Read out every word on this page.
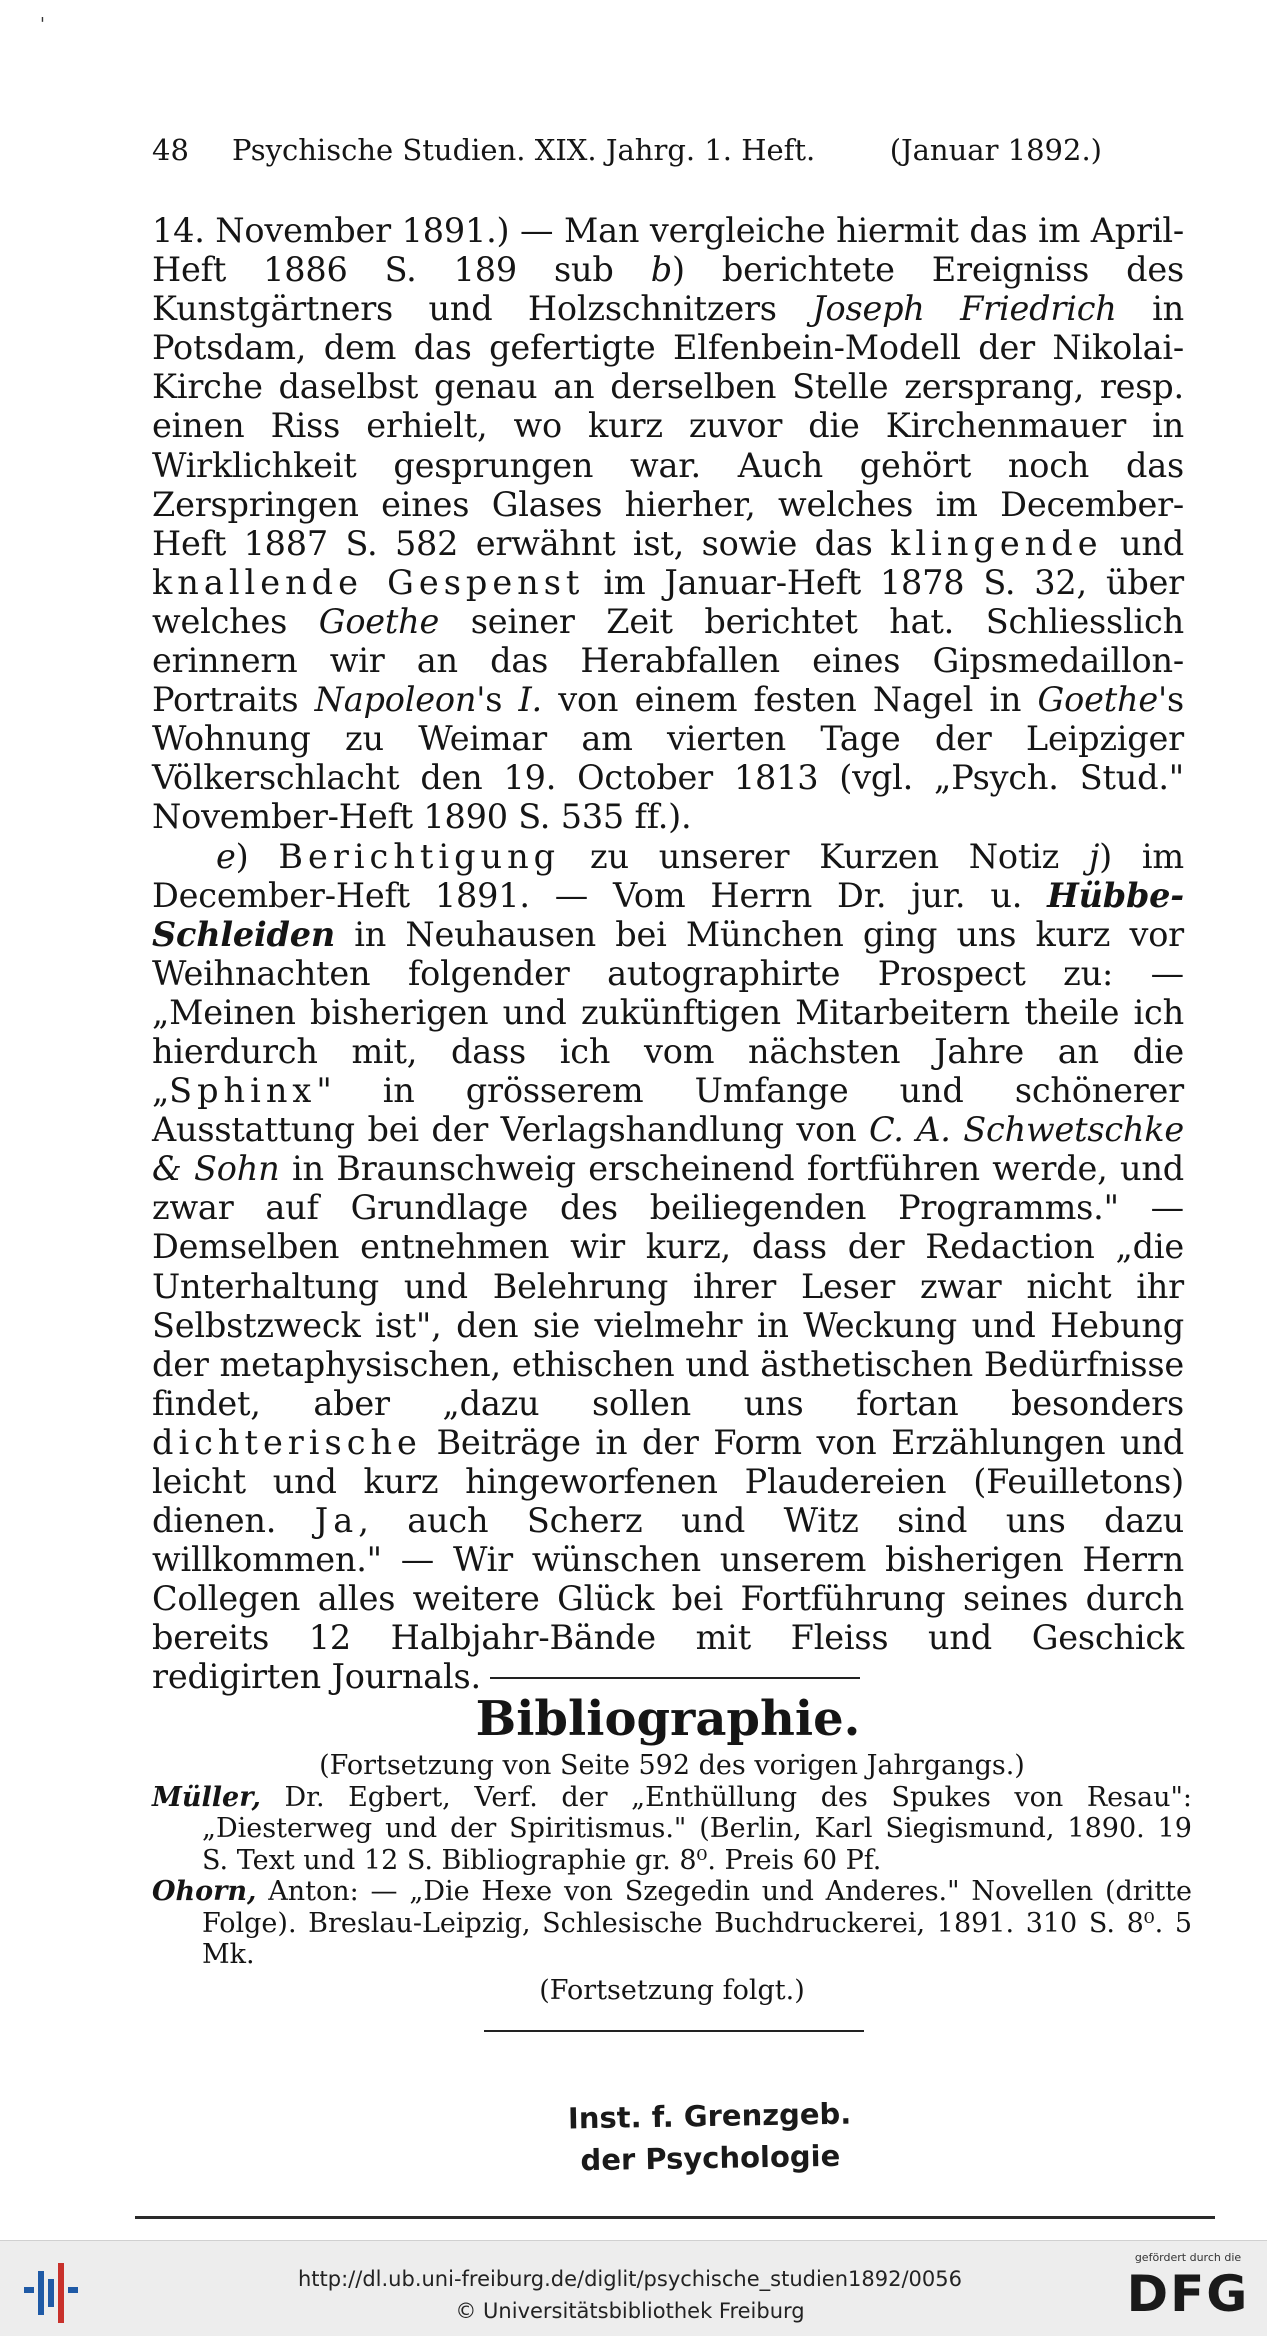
'
48 Psychische Studien. XIX. Jahrg. 1. Heft.	(Januar 1892.)

14. November 1891.) — Man vergleiche hiermit das im April-Heft 1886 S. 189 sub b) berichtete Ereigniss des Kunstgärtners und Holzschnitzers Joseph Friedrich in Potsdam, dem das gefertigte Elfenbein-Modell der Nikolai-Kirche daselbst genau an derselben Stelle zersprang, resp. einen Riss erhielt, wo kurz zuvor die Kirchenmauer in Wirklichkeit gesprungen war. Auch gehört noch das Zerspringen eines Glases hierher, welches im December-Heft 1887 S. 582 erwähnt ist, sowie das klingende und knallende Gespenst im Januar-Heft 1878 S. 32, über welches Goethe seiner Zeit berichtet hat. Schliesslich erinnern wir an das Herabfallen eines Gipsmedaillon-Portraits Napoleon's I. von einem festen Nagel in Goethe's Wohnung zu Weimar am vierten Tage der Leipziger Völkerschlacht den 19. October 1813 (vgl. „Psych. Stud." November-Heft 1890 S. 535 ff.).

e) Berichtigung zu unserer Kurzen Notiz j) im December-Heft 1891. — Vom Herrn Dr. jur. u. Hübbe-Schleiden in Neuhausen bei München ging uns kurz vor Weihnachten folgender autographirte Prospect zu: — „Meinen bisherigen und zukünftigen Mitarbeitern theile ich hierdurch mit, dass ich vom nächsten Jahre an die „Sphinx" in grösserem Umfange und schönerer Ausstattung bei der Verlagshandlung von C. A. Schwetschke & Sohn in Braunschweig erscheinend fortführen werde, und zwar auf Grundlage des beiliegenden Programms." — Demselben entnehmen wir kurz, dass der Redaction „die Unterhaltung und Belehrung ihrer Leser zwar nicht ihr Selbstzweck ist", den sie vielmehr in Weckung und Hebung der metaphysischen, ethischen und ästhetischen Bedürfnisse findet, aber „dazu sollen uns fortan besonders dichterische Beiträge in der Form von Erzählungen und leicht und kurz hingeworfenen Plaudereien (Feuilletons) dienen. Ja, auch Scherz und Witz sind uns dazu willkommen." — Wir wünschen unserem bisherigen Herrn Collegen alles weitere Glück bei Fortführung seines durch bereits 12 Halbjahr-Bände mit Fleiss und Geschick redigirten Journals.

Bibliographie.

(Fortsetzung von Seite 592 des vorigen Jahrgangs.)

Müller, Dr. Egbert, Verf. der „Enthüllung des Spukes von Resau": „Diesterweg und der Spiritismus." (Berlin, Karl Siegismund, 1890. 19 S. Text und 12 S. Bibliographie gr. 8⁰. Preis 60 Pf.

Ohorn, Anton: — „Die Hexe von Szegedin und Anderes." Novellen (dritte Folge). Breslau-Leipzig, Schlesische Buchdruckerei, 1891. 310 S. 8⁰. 5 Mk.

(Fortsetzung folgt.)

Inst. f. Grenzgeb.
der Psychologie
http://dl.ub.uni-freiburg.de/diglit/psychische_studien1892/0056
© Universitätsbibliothek Freiburg
gefördert durch die
DFG
